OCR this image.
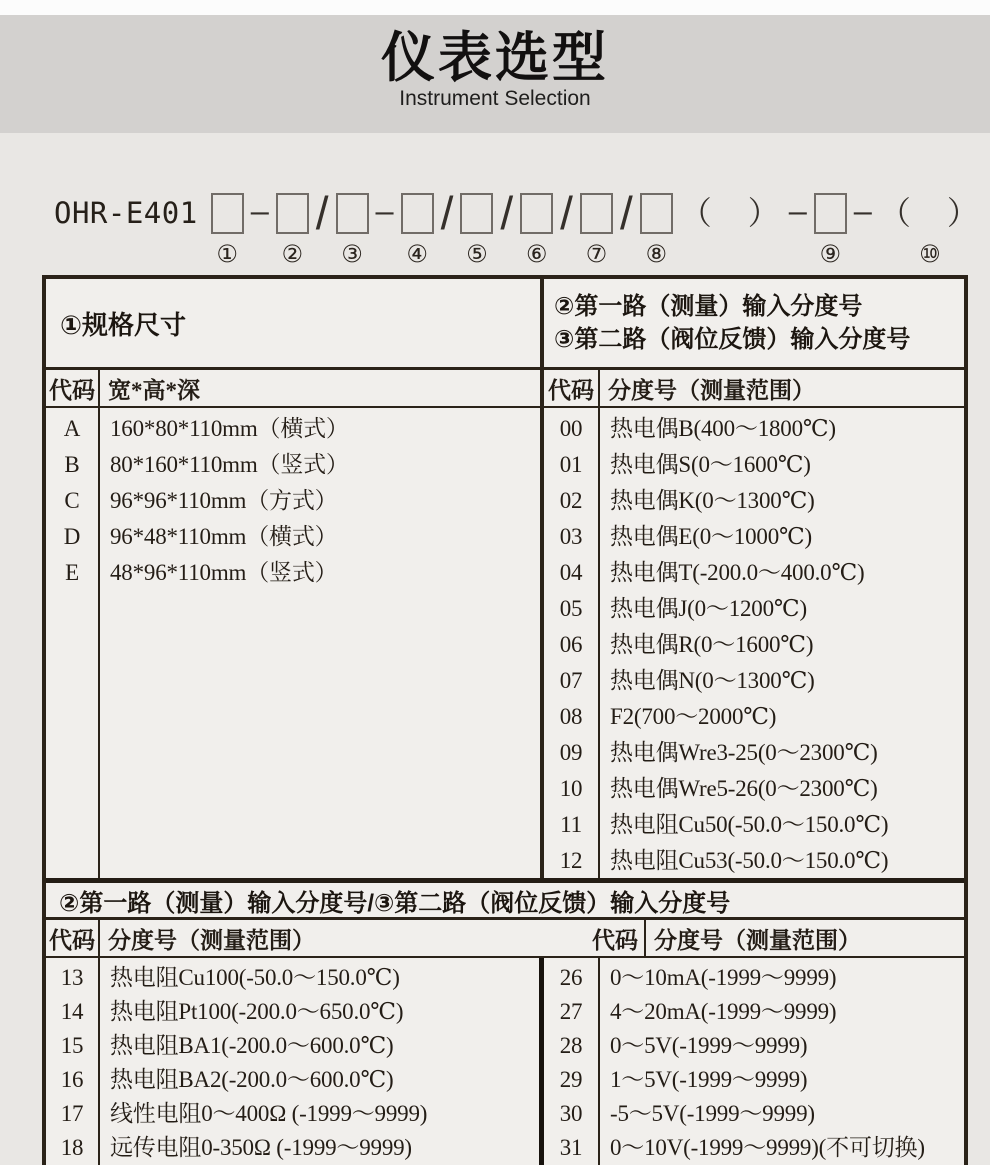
仪表选型
Instrument Selection
OHR-E401
①
–
②
/
③
–
④
/
⑤
/
⑥
/
⑦
/
⑧
（　） –
⑨
– （　）
⑩
①规格尺寸
②第一路（测量）输入分度号
③第二路（阀位反馈）输入分度号
代码 宽*高*深	代码 分度号（测量范围）
A
B
C
D
E
160*80*110mm（横式）
80*160*110mm（竖式）
96*96*110mm（方式）
96*48*110mm（横式）
48*96*110mm（竖式）
00
01
02
03
04
05
06
07
08
09
10
11
12
热电偶B(400～1800℃)
热电偶S(0～1600℃)
热电偶K(0～1300℃)
热电偶E(0～1000℃)
热电偶T(-200.0～400.0℃)
热电偶J(0～1200℃)
热电偶R(0～1600℃)
热电偶N(0～1300℃)
F2(700～2000℃)
热电偶Wre3-25(0～2300℃)
热电偶Wre5-26(0～2300℃)
热电阻Cu50(-50.0～150.0℃)
热电阻Cu53(-50.0～150.0℃)
②第一路（测量）输入分度号/③第二路（阀位反馈）输入分度号
代码 分度号（测量范围）	代码 分度号（测量范围）
13
14
15
16
17
18
热电阻Cu100(-50.0～150.0℃)
热电阻Pt100(-200.0～650.0℃)
热电阻BA1(-200.0～600.0℃)
热电阻BA2(-200.0～600.0℃)
线性电阻0～400Ω (-1999～9999)
远传电阻0-350Ω (-1999～9999)
26
27
28
29
30
31
0～10mA(-1999～9999)
4～20mA(-1999～9999)
0～5V(-1999～9999)
1～5V(-1999～9999)
-5～5V(-1999～9999)
0～10V(-1999～9999)(不可切换)
